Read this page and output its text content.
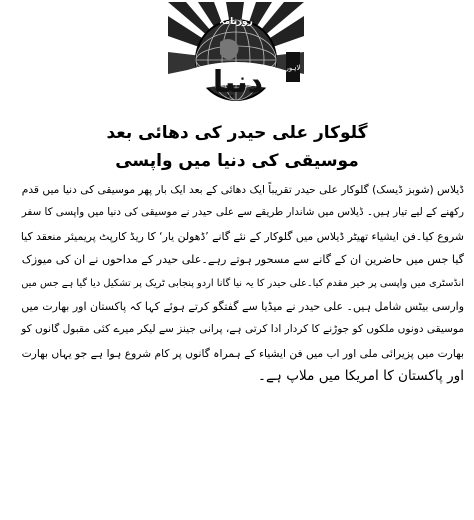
روزنامہ
دنیا	لاہور
گلوکار علی حیدر کی دھائی بعد
موسیقی کی دنیا میں واپسی
ڈیلاس (شوبز ڈیسک) گلوکار علی حیدر تقریباً ایک دھائی کے بعد ایک بار پھر موسیقی کی دنیا میں قدم
رکھنے کے لیے تیار ہیں۔ ڈیلاس میں شاندار طریقے سے علی حیدر نے موسیقی کی دنیا میں واپسی کا سفر
شروع کیا۔فن ایشیاء تھیٹر ڈیلاس میں گلوکار کے نئے گانے ’ڈھولن یار‘ کا ریڈ کارپٹ پریمیئر منعقد کیا
گیا جس میں حاضرین ان کے گانے سے مسحور ہوتے رہے۔علی حیدر کے مداحوں نے ان کی میوزک
انڈسٹری میں واپسی پر خیر مقدم کیا۔علی حیدر کا یہ نیا گانا اردو پنجابی ٹریک پر تشکیل دیا گیا ہے جس میں
وارسی بیٹس شامل ہیں۔ علی حیدر نے میڈیا سے گفتگو کرتے ہوئے کہا کہ پاکستان اور بھارت میں
موسیقی دونوں ملکوں کو جوڑنے کا کردار ادا کرتی ہے، پرانی جینز سے لیکر میرے کئی مقبول گانوں کو
بھارت میں پزیرائی ملی اور اب میں فن ایشیاء کے ہمراہ گانوں پر کام شروع ہوا ہے جو یہاں بھارت
اور پاکستان کا امریکا میں ملاپ ہے۔
